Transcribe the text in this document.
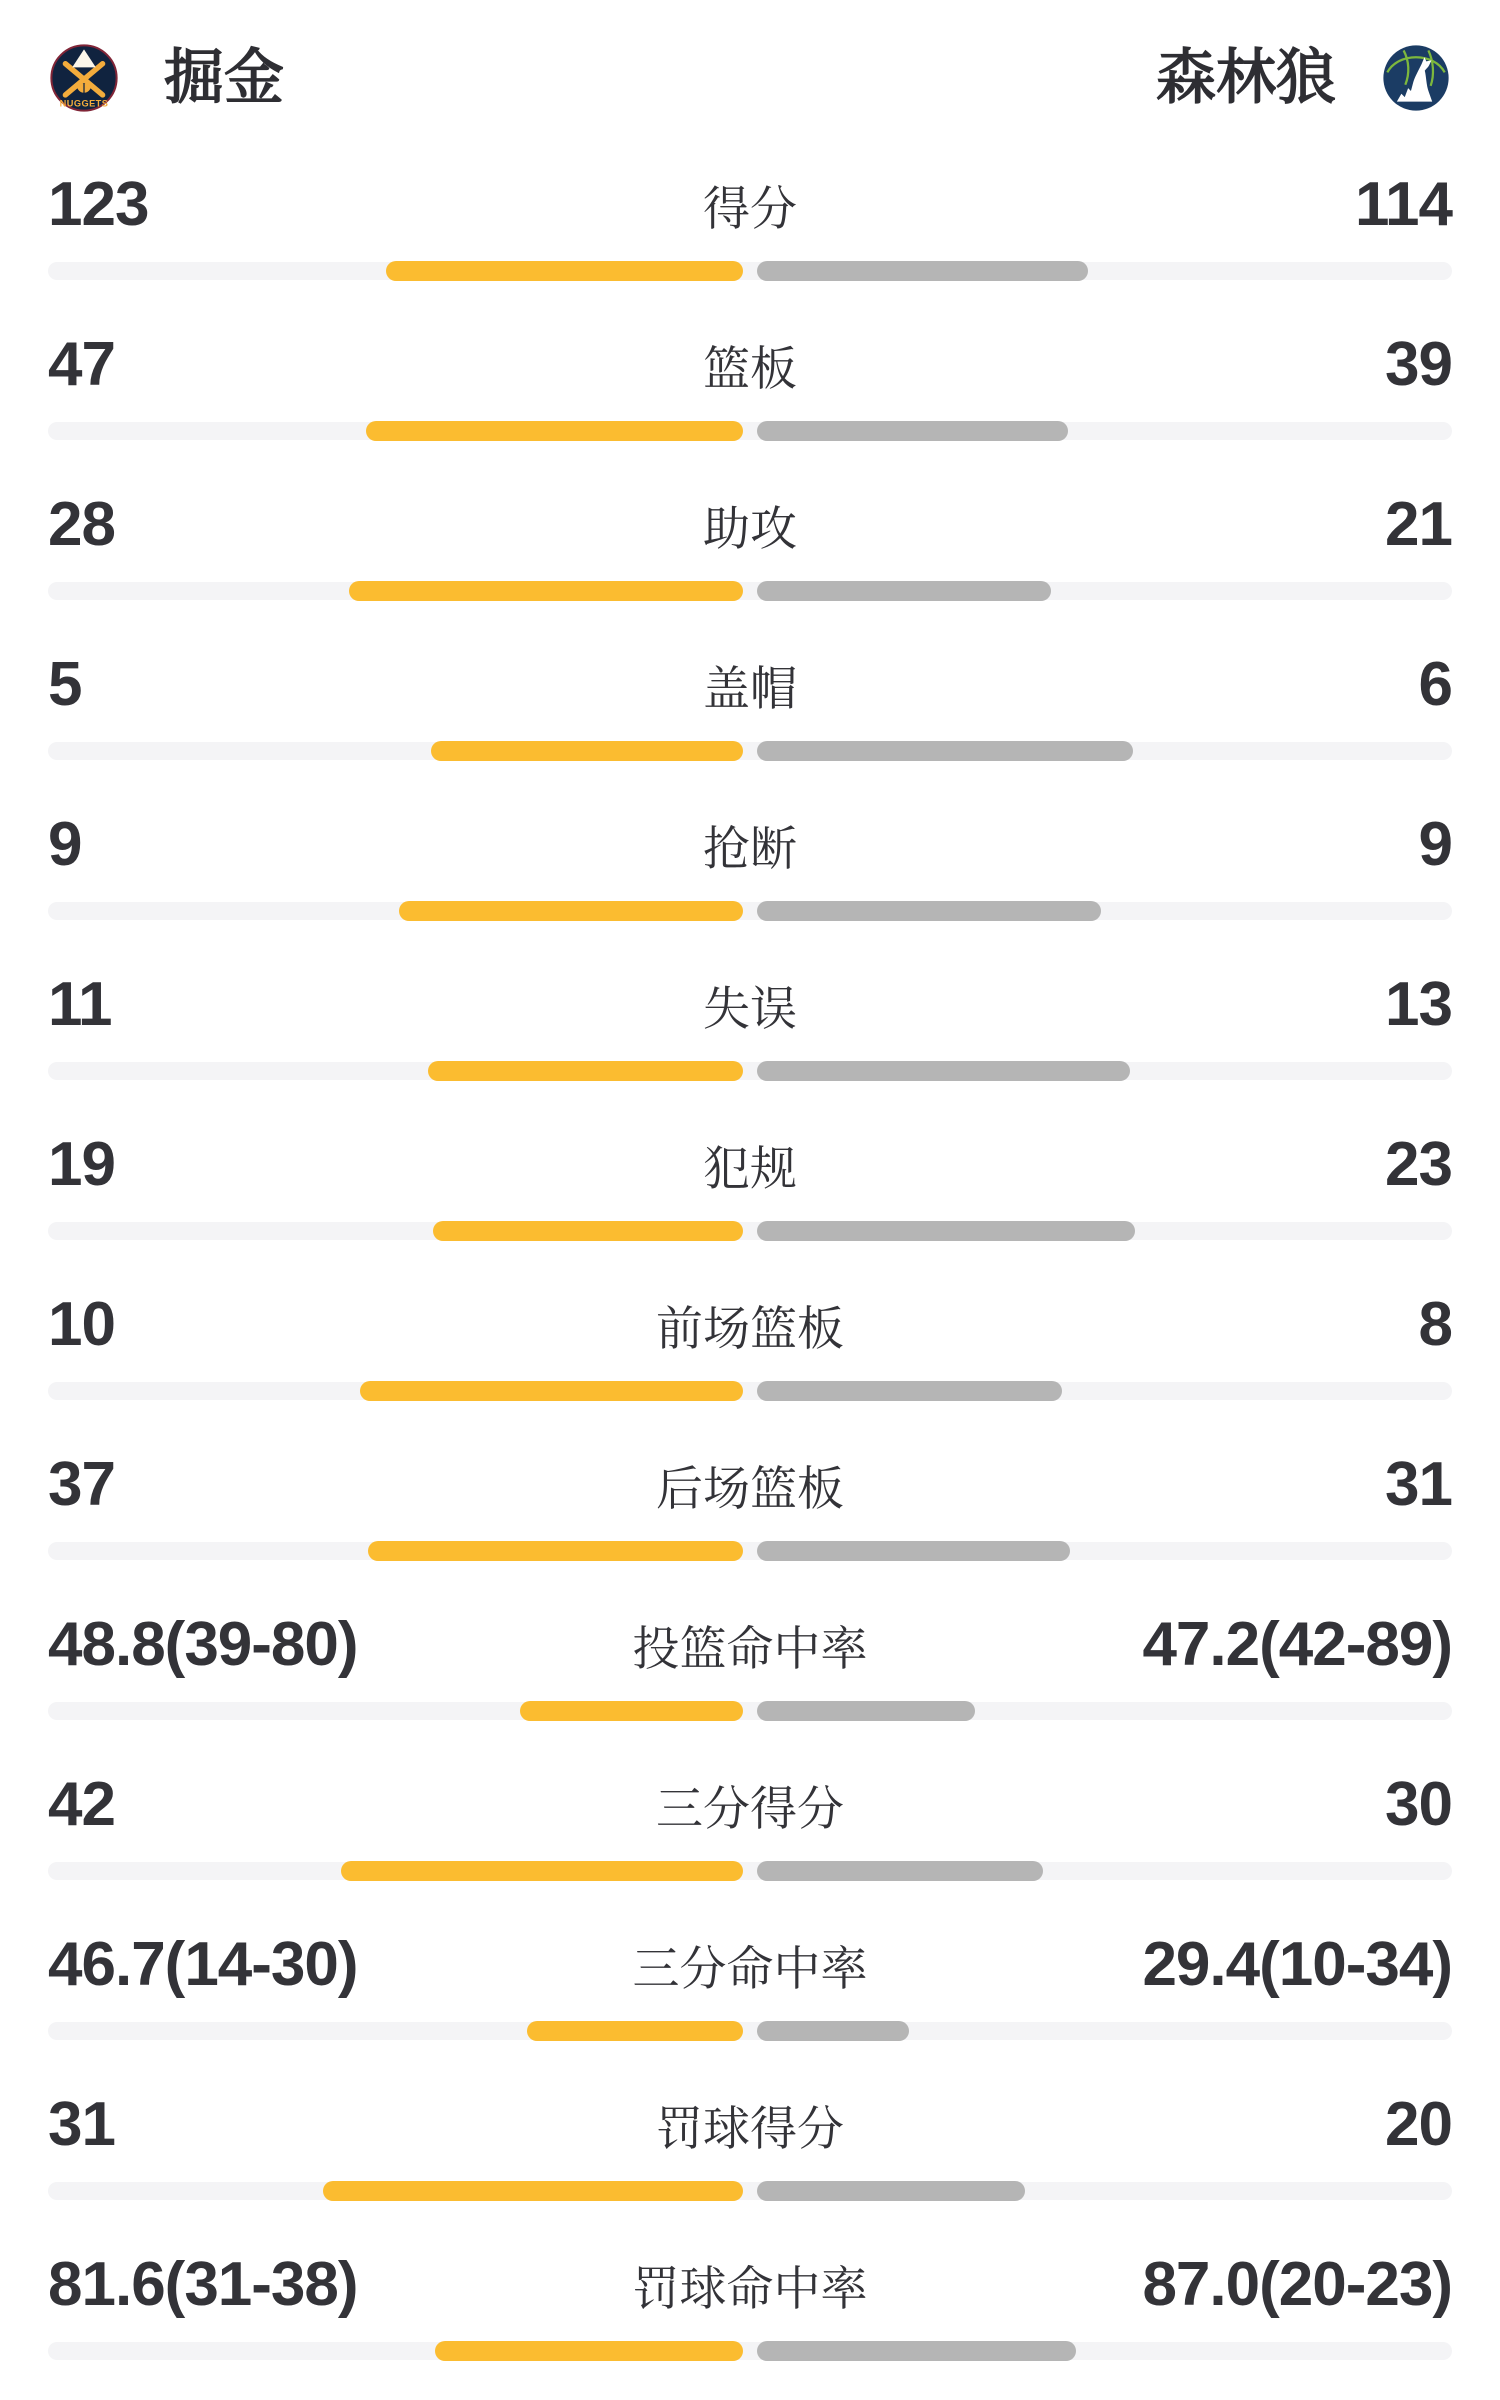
NUGGETS 掘金	森林狼
123	得分	114
47	篮板	39
28	助攻	21
5	盖帽	6
9	抢断	9
11	失误	13
19	犯规	23
10	前场篮板	8
37	后场篮板	31
48.8(39-80)	投篮命中率	47.2(42-89)
42	三分得分	30
46.7(14-30)	三分命中率	29.4(10-34)
31	罚球得分	20
81.6(31-38)	罚球命中率	87.0(20-23)
